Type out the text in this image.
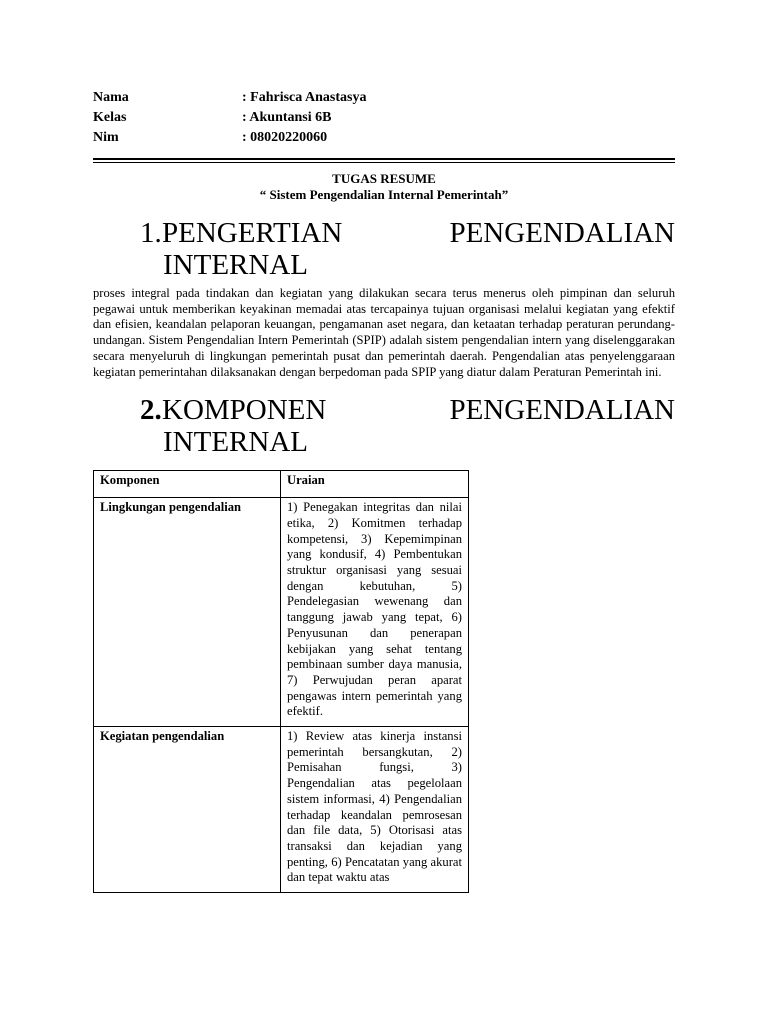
Nama	: Fahrisca Anastasya
Kelas	: Akuntansi 6B
Nim	: 08020220060
TUGAS RESUME
“ Sistem Pengendalian Internal Pemerintah”
1.PENGERTIAN	PENGENDALIAN
INTERNAL
proses integral pada tindakan dan kegiatan yang dilakukan secara terus menerus oleh pimpinan dan seluruh pegawai untuk memberikan keyakinan memadai atas tercapainya tujuan organisasi melalui kegiatan yang efektif dan efisien, keandalan pelaporan keuangan, pengamanan aset negara, dan ketaatan terhadap peraturan perundang-undangan. Sistem Pengendalian Intern Pemerintah (SPIP) adalah sistem pengendalian intern yang diselenggarakan secara menyeluruh di lingkungan pemerintah pusat dan pemerintah daerah. Pengendalian atas penyelenggaraan kegiatan pemerintahan dilaksanakan dengan berpedoman pada SPIP yang diatur dalam Peraturan Pemerintah ini.
2.KOMPONEN	PENGENDALIAN
INTERNAL
Komponen	Uraian
Lingkungan pengendalian	1) Penegakan integritas dan nilai etika, 2) Komitmen terhadap kompetensi, 3) Kepemimpinan yang kondusif, 4) Pembentukan struktur organisasi yang sesuai dengan kebutuhan, 5) Pendelegasian wewenang dan tanggung jawab yang tepat, 6) Penyusunan dan penerapan kebijakan yang sehat tentang pembinaan sumber daya manusia, 7) Perwujudan peran aparat pengawas intern pemerintah yang efektif.
Kegiatan pengendalian	1) Review atas kinerja instansi pemerintah bersangkutan, 2) Pemisahan fungsi, 3) Pengendalian atas pegelolaan sistem informasi, 4) Pengendalian terhadap keandalan pemrosesan dan file data, 5) Otorisasi atas transaksi dan kejadian yang penting, 6) Pencatatan yang akurat dan tepat waktu atas
